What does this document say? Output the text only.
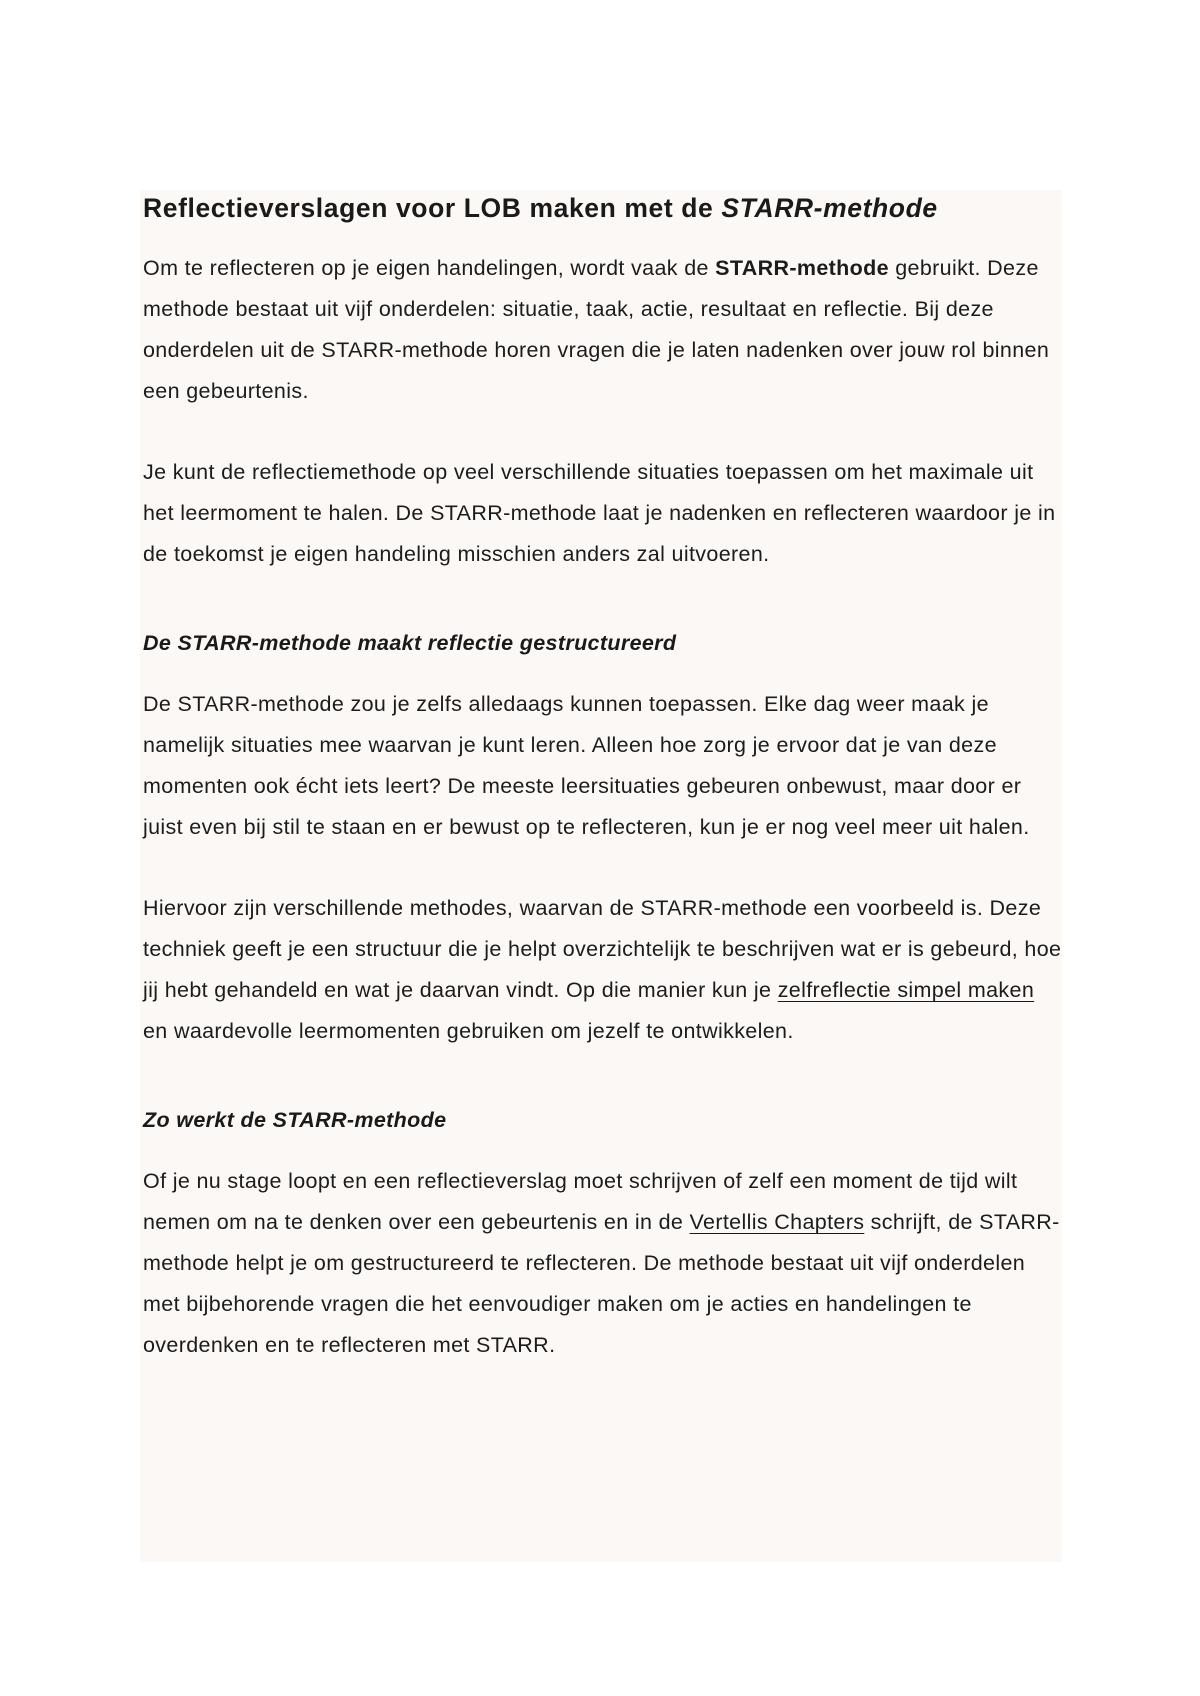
Reflectieverslagen voor LOB maken met de STARR-methode

Om te reflecteren op je eigen handelingen, wordt vaak de STARR-methode gebruikt. Deze methode bestaat uit vijf onderdelen: situatie, taak, actie, resultaat en reflectie. Bij deze onderdelen uit de STARR-methode horen vragen die je laten nadenken over jouw rol binnen een gebeurtenis.

Je kunt de reflectiemethode op veel verschillende situaties toepassen om het maximale uit het leermoment te halen. De STARR-methode laat je nadenken en reflecteren waardoor je in de toekomst je eigen handeling misschien anders zal uitvoeren.

De STARR-methode maakt reflectie gestructureerd

De STARR-methode zou je zelfs alledaags kunnen toepassen. Elke dag weer maak je namelijk situaties mee waarvan je kunt leren. Alleen hoe zorg je ervoor dat je van deze momenten ook écht iets leert? De meeste leersituaties gebeuren onbewust, maar door er juist even bij stil te staan en er bewust op te reflecteren, kun je er nog veel meer uit halen.

Hiervoor zijn verschillende methodes, waarvan de STARR-methode een voorbeeld is. Deze techniek geeft je een structuur die je helpt overzichtelijk te beschrijven wat er is gebeurd, hoe jij hebt gehandeld en wat je daarvan vindt. Op die manier kun je zelfreflectie simpel maken en waardevolle leermomenten gebruiken om jezelf te ontwikkelen.

Zo werkt de STARR-methode

Of je nu stage loopt en een reflectieverslag moet schrijven of zelf een moment de tijd wilt nemen om na te denken over een gebeurtenis en in de Vertellis Chapters schrijft, de STARR-methode helpt je om gestructureerd te reflecteren. De methode bestaat uit vijf onderdelen met bijbehorende vragen die het eenvoudiger maken om je acties en handelingen te overdenken en te reflecteren met STARR.
